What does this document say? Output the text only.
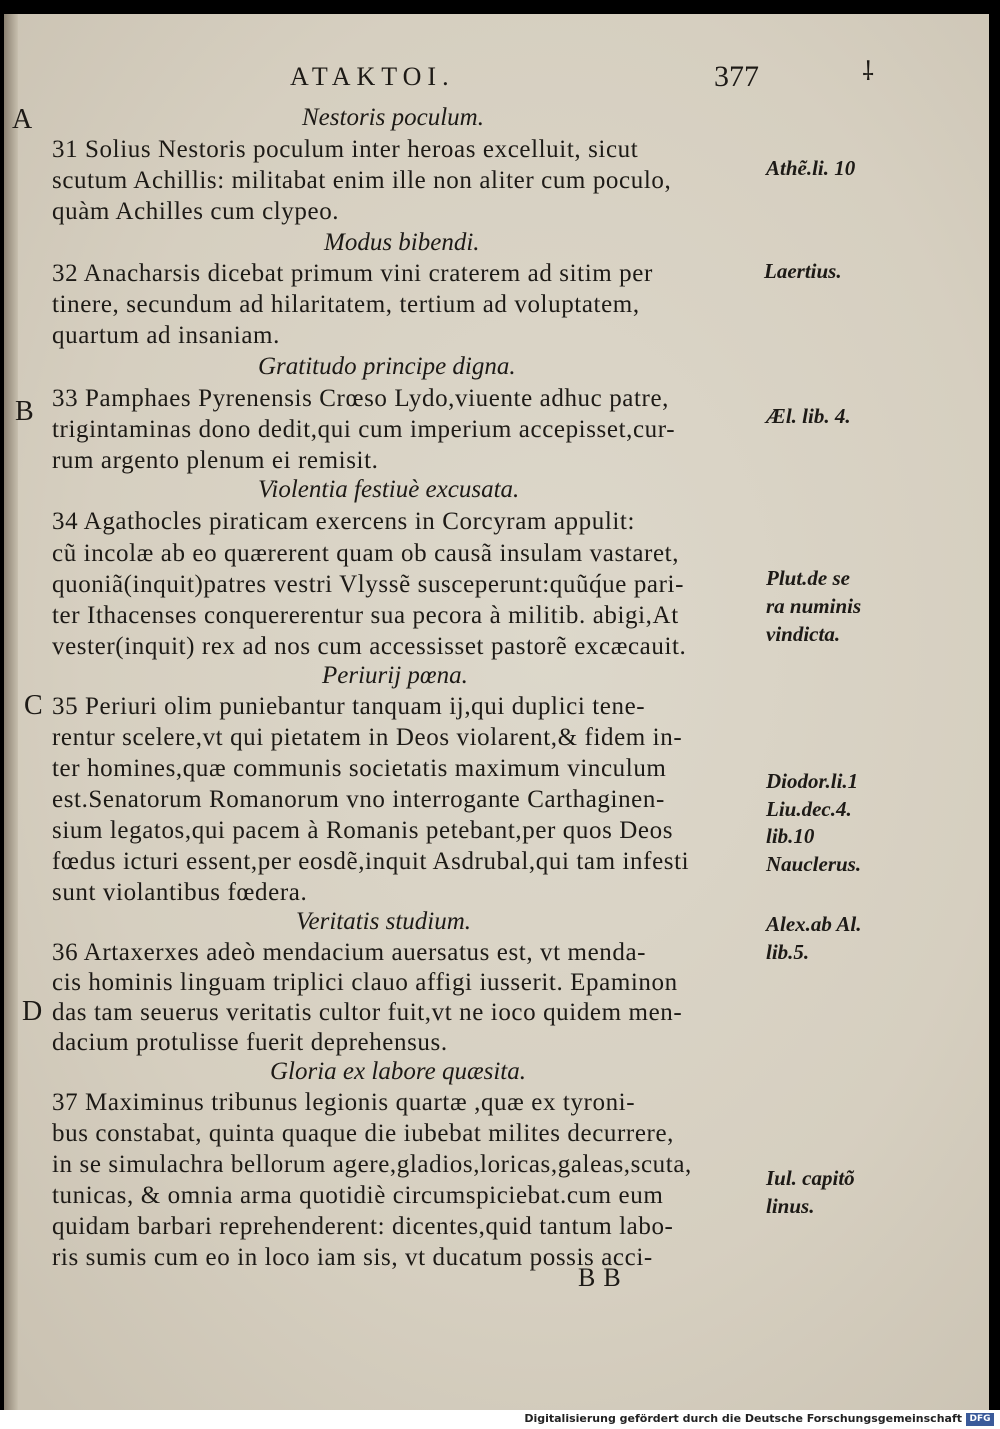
ATAKTOI.	377	⸸
A
B
C
D
Nestoris poculum.
31 Solius Nestoris poculum inter heroas excelluit, sicut
scutum Achillis: militabat enim ille non aliter cum poculo,
quàm Achilles cum clypeo.
Modus bibendi.
32 Anacharsis dicebat primum vini craterem ad sitim per
tinere, secundum ad hilaritatem, tertium ad voluptatem,
quartum ad insaniam.
Gratitudo principe digna.
33 Pamphaes Pyrenensis Crœso Lydo,viuente adhuc patre,
trigintaminas dono dedit,qui cum imperium accepisset,cur-
rum argento plenum ei remisit.
Violentia festiuè excusata.
34 Agathocles piraticam exercens in Corcyram appulit:
cũ incolæ ab eo quærerent quam ob causã insulam vastaret,
quoniã(inquit)patres vestri Vlyssẽ susceperunt:quũq́ue pari-
ter Ithacenses conquererentur sua pecora à militib. abigi,At
vester(inquit) rex ad nos cum accessisset pastorẽ excæcauit.
Periurij pœna.
35 Periuri olim puniebantur tanquam ij,qui duplici tene-
rentur scelere,vt qui pietatem in Deos violarent,& fidem in-
ter homines,quæ communis societatis maximum vinculum
est.Senatorum Romanorum vno interrogante Carthaginen-
sium legatos,qui pacem à Romanis petebant,per quos Deos
fœdus icturi essent,per eosdẽ,inquit Asdrubal,qui tam infesti
sunt violantibus fœdera.
Veritatis studium.
36 Artaxerxes adeò mendacium auersatus est, vt menda-
cis hominis linguam triplici clauo affigi iusserit. Epaminon
das tam seuerus veritatis cultor fuit,vt ne ioco quidem men-
dacium protulisse fuerit deprehensus.
Gloria ex labore quæsita.
37 Maximinus tribunus legionis quartæ ,quæ ex tyroni-
bus constabat, quinta quaque die iubebat milites decurrere,
in se simulachra bellorum agere,gladios,loricas,galeas,scuta,
tunicas, & omnia arma quotidiè circumspiciebat.cum eum
quidam barbari reprehenderent: dicentes,quid tantum labo-
ris sumis cum eo in loco iam sis, vt ducatum possis acci-
Athẽ.li. 10
Laertius.
Æl. lib. 4.
Plut.de se
ra numinis
vindicta.
Diodor.li.1
Liu.dec.4.
lib.10
Nauclerus.
Alex.ab Al.
lib.5.
Iul. capitõ
linus.
BB
Digitalisierung gefördert durch die Deutsche Forschungsgemeinschaft DFG
